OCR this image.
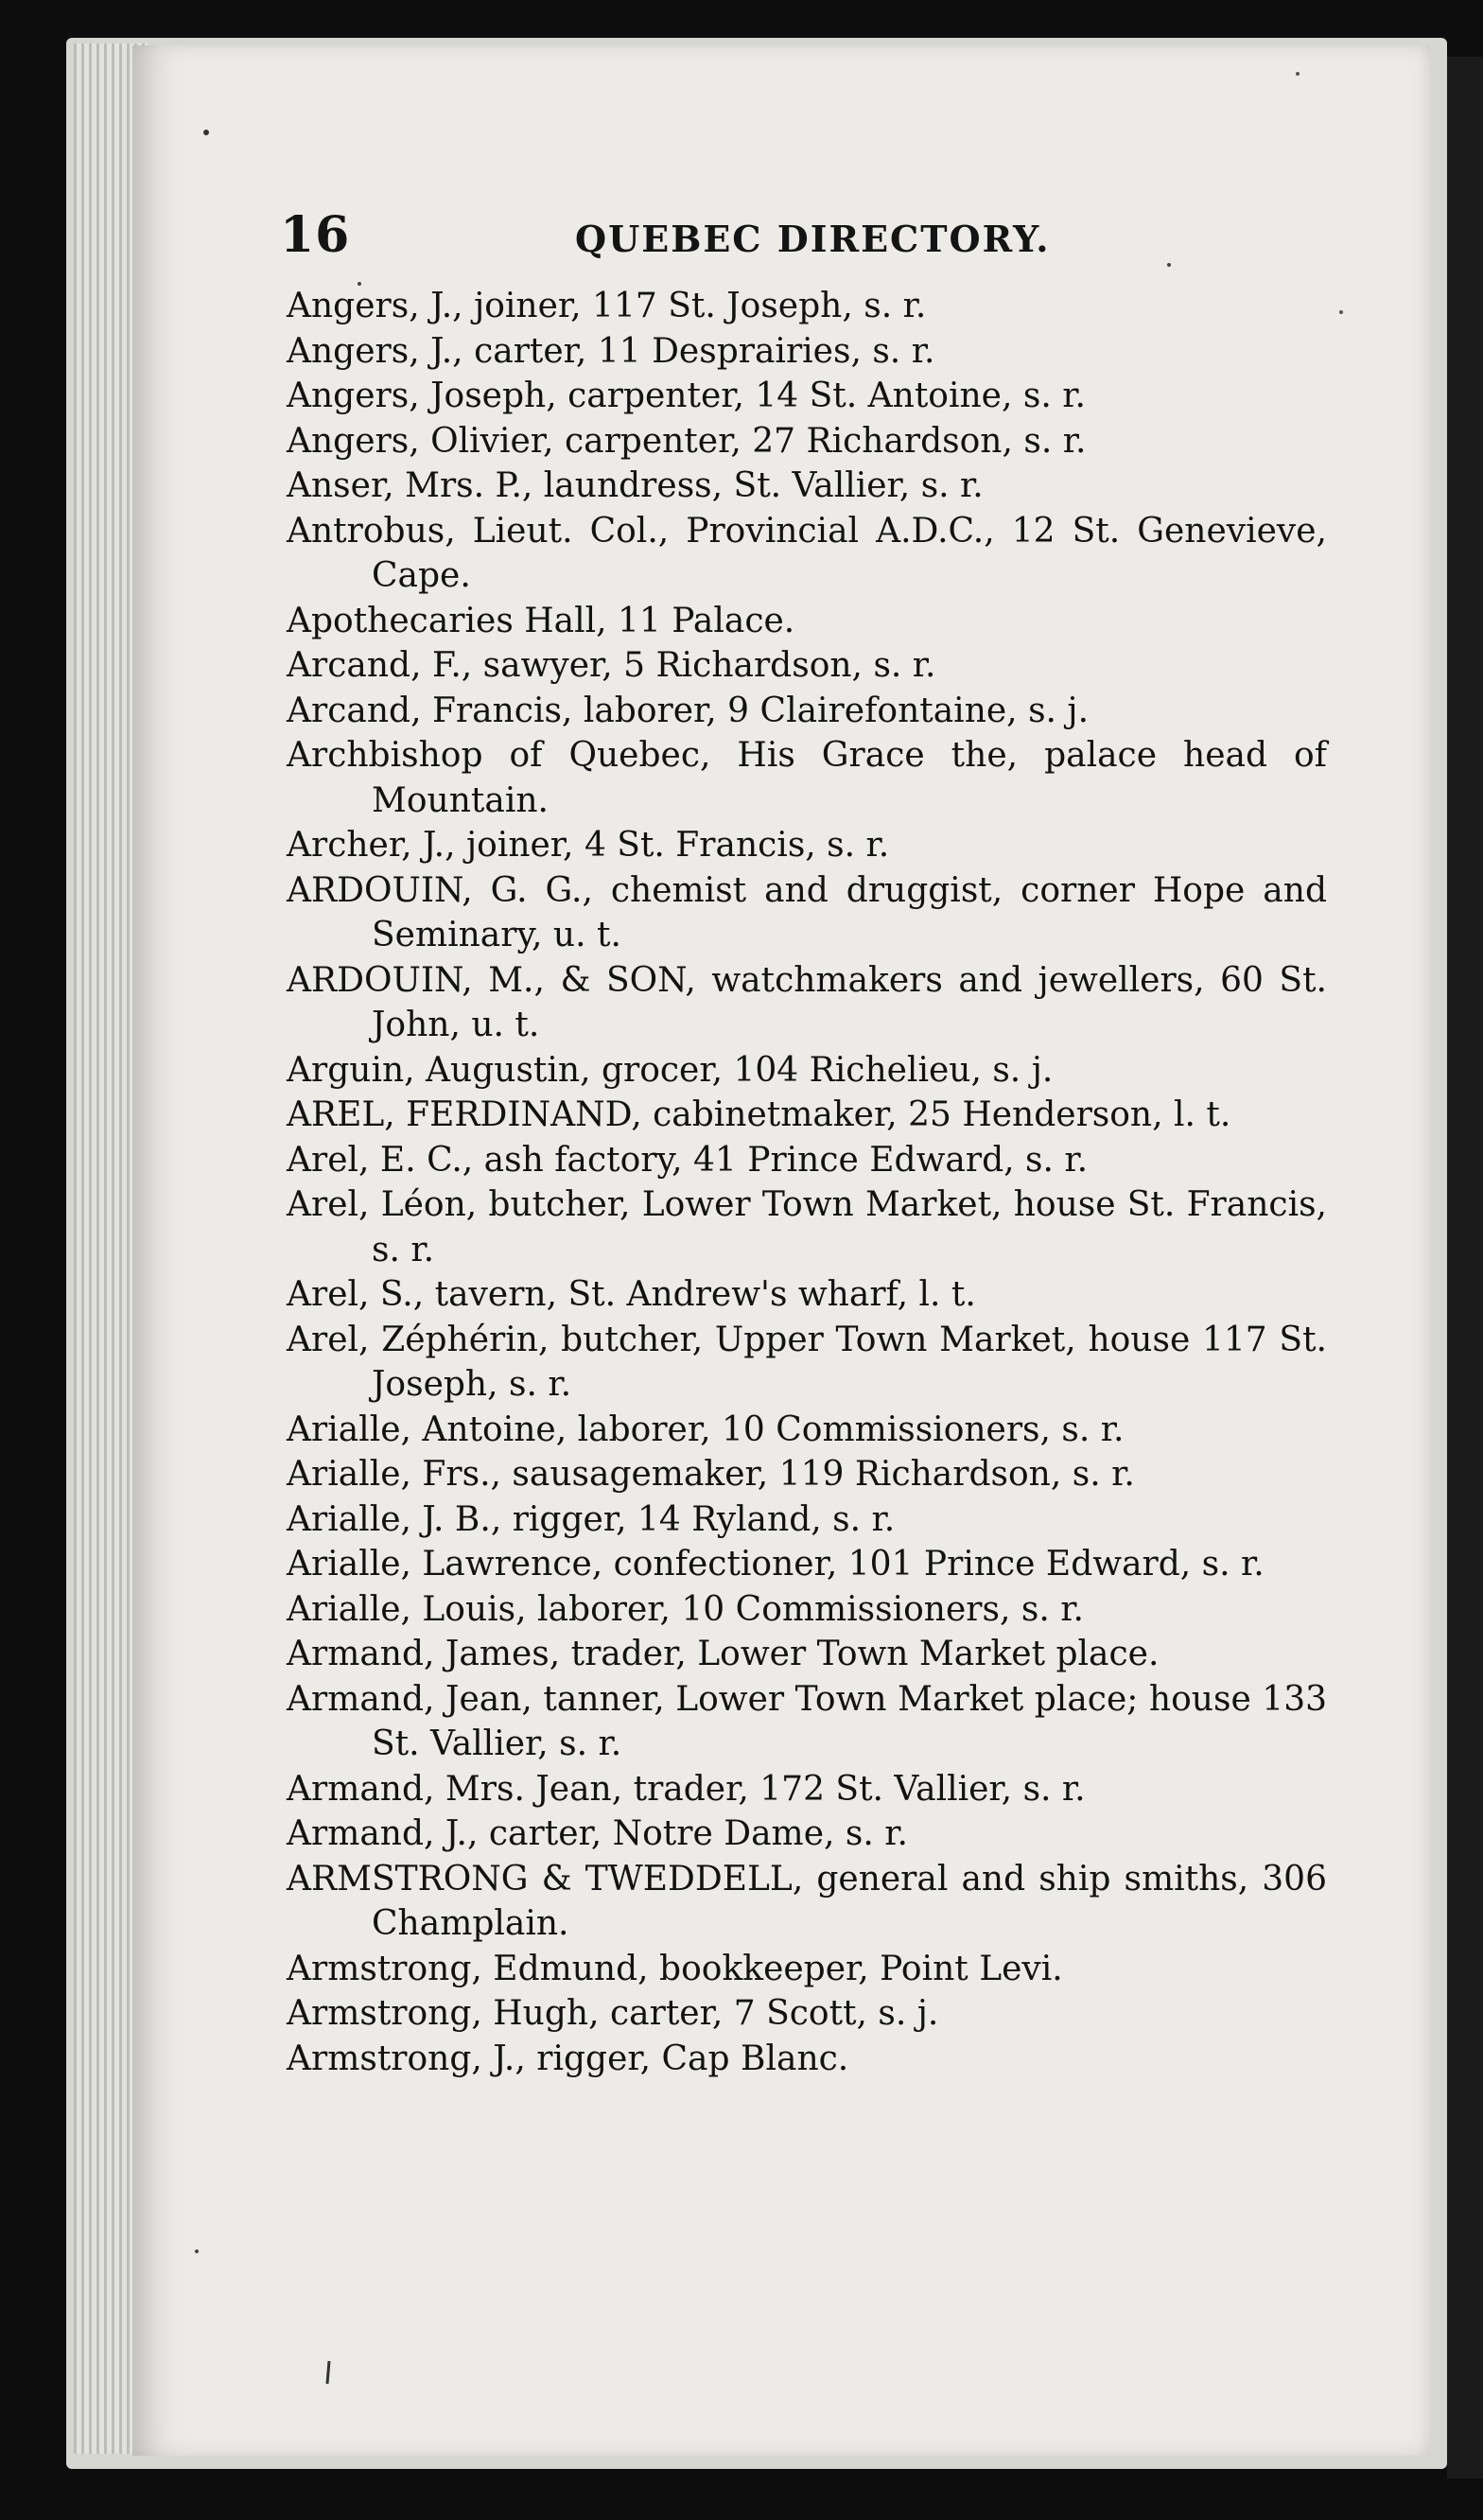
16	QUEBEC DIRECTORY.

Angers, J., joiner, 117 St. Joseph, s. r.

Angers, J., carter, 11 Desprairies, s. r.

Angers, Joseph, carpenter, 14 St. Antoine, s. r.

Angers, Olivier, carpenter, 27 Richardson, s. r.

Anser, Mrs. P., laundress, St. Vallier, s. r.

Antrobus, Lieut. Col., Provincial A.D.C., 12 St. Genevieve, Cape.

Apothecaries Hall, 11 Palace.

Arcand, F., sawyer, 5 Richardson, s. r.

Arcand, Francis, laborer, 9 Clairefontaine, s. j.

Archbishop of Quebec, His Grace the, palace head of Mountain.

Archer, J., joiner, 4 St. Francis, s. r.

ARDOUIN, G. G., chemist and druggist, corner Hope and Seminary, u. t.

ARDOUIN, M., & SON, watchmakers and jewellers, 60 St. John, u. t.

Arguin, Augustin, grocer, 104 Richelieu, s. j.

AREL, FERDINAND, cabinetmaker, 25 Henderson, l. t.

Arel, E. C., ash factory, 41 Prince Edward, s. r.

Arel, Léon, butcher, Lower Town Market, house St. Francis, s. r.

Arel, S., tavern, St. Andrew's wharf, l. t.

Arel, Zéphérin, butcher, Upper Town Market, house 117 St. Joseph, s. r.

Arialle, Antoine, laborer, 10 Commissioners, s. r.

Arialle, Frs., sausagemaker, 119 Richardson, s. r.

Arialle, J. B., rigger, 14 Ryland, s. r.

Arialle, Lawrence, confectioner, 101 Prince Edward, s. r.

Arialle, Louis, laborer, 10 Commissioners, s. r.

Armand, James, trader, Lower Town Market place.

Armand, Jean, tanner, Lower Town Market place; house 133 St. Vallier, s. r.

Armand, Mrs. Jean, trader, 172 St. Vallier, s. r.

Armand, J., carter, Notre Dame, s. r.

ARMSTRONG & TWEDDELL, general and ship smiths, 306 Champlain.

Armstrong, Edmund, bookkeeper, Point Levi.

Armstrong, Hugh, carter, 7 Scott, s. j.

Armstrong, J., rigger, Cap Blanc.
